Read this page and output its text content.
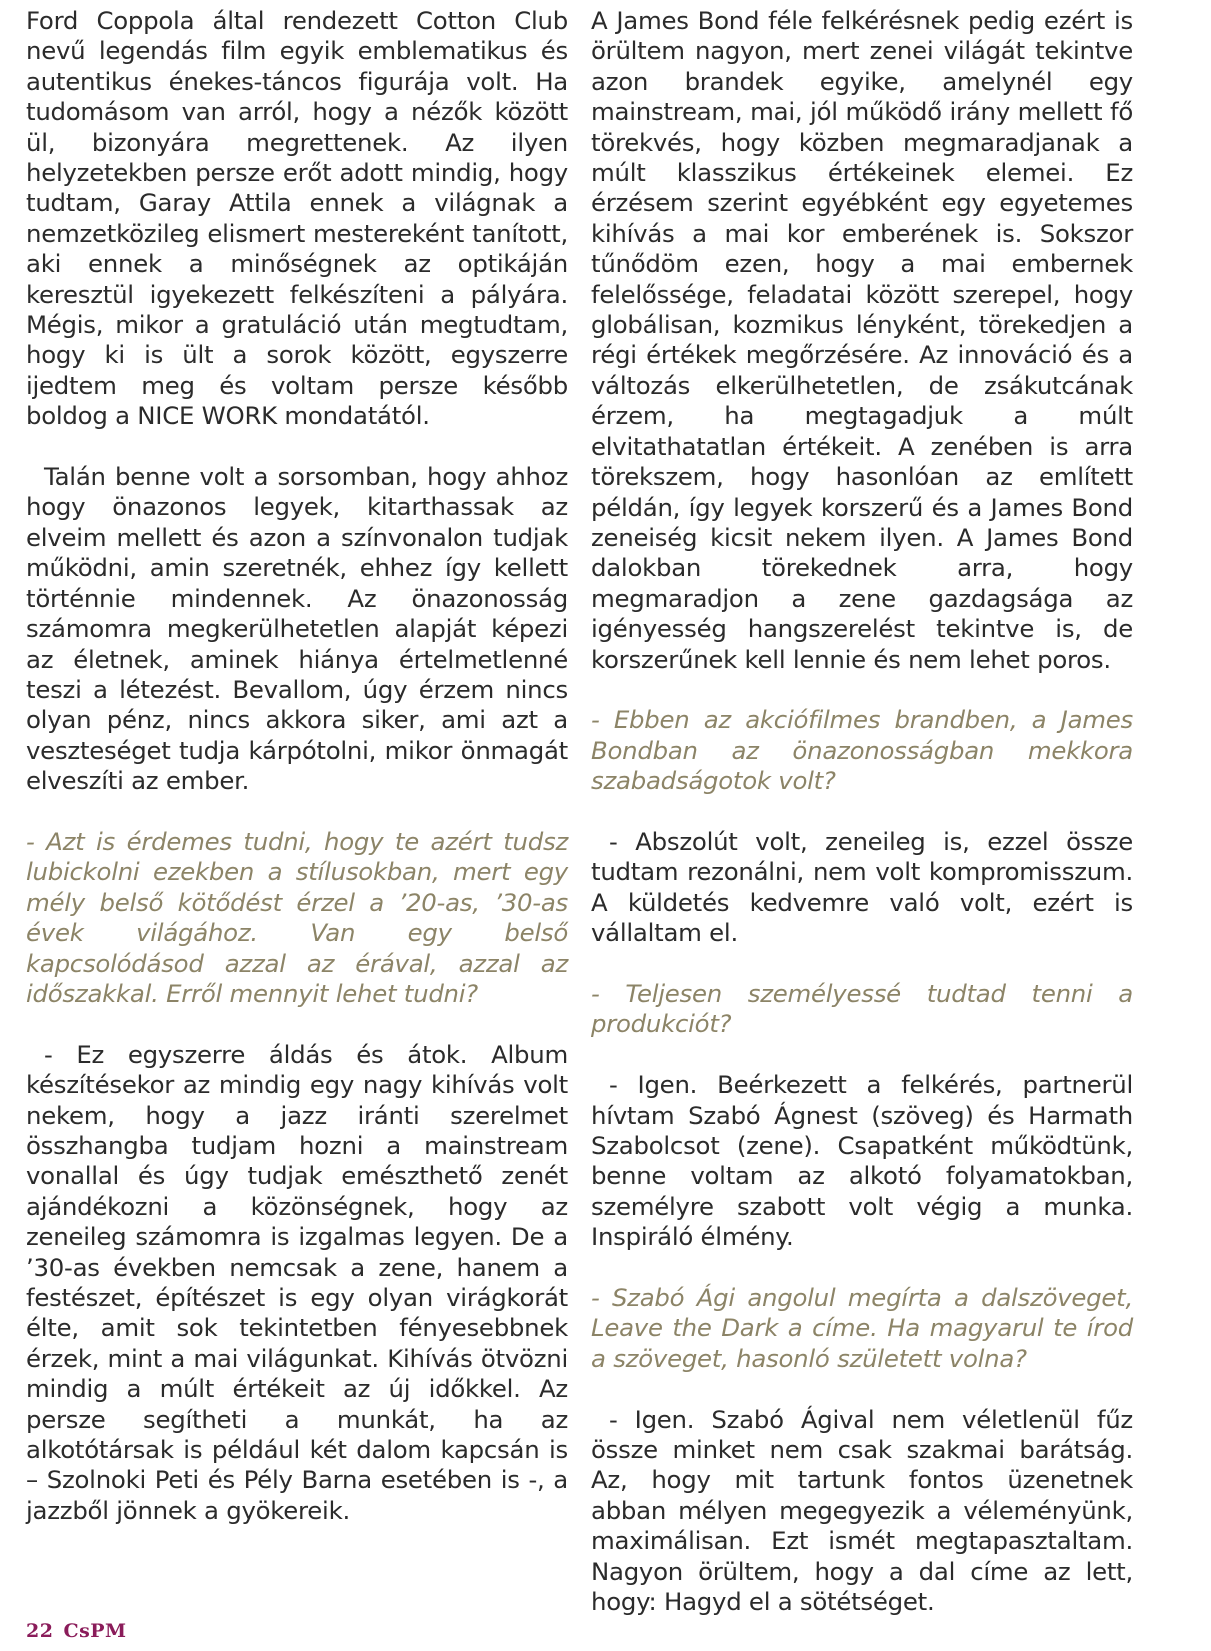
Ford Coppola által rendezett Cotton Club nevű legendás film egyik emblematikus és autentikus énekes-táncos figurája volt. Ha tudomásom van arról, hogy a nézők között ül, bizonyára megrettenek. Az ilyen helyzetekben persze erőt adott mindig, hogy tudtam, Garay Attila ennek a világnak a nemzetközileg elismert mestereként tanított, aki ennek a minőségnek az optikáján keresztül igyekezett felkészíteni a pályára. Mégis, mikor a gratuláció után megtudtam, hogy ki is ült a sorok között, egyszerre ijedtem meg és voltam persze később boldog a NICE WORK mondatától.

Talán benne volt a sorsomban, hogy ahhoz hogy önazonos legyek, kitarthassak az elveim mellett és azon a színvonalon tudjak működni, amin szeretnék, ehhez így kellett történnie mindennek. Az önazonosság számomra megkerülhetetlen alapját képezi az életnek, aminek hiánya értelmetlenné teszi a létezést. Bevallom, úgy érzem nincs olyan pénz, nincs akkora siker, ami azt a veszteséget tudja kárpótolni, mikor önmagát elveszíti az ember.

- Azt is érdemes tudni, hogy te azért tudsz lubickolni ezekben a stílusokban, mert egy mély belső kötődést érzel a ’20-as, ’30-as évek világához. Van egy belső kapcsolódásod azzal az érával, azzal az időszakkal. Erről mennyit lehet tudni?

- Ez egyszerre áldás és átok. Album készítésekor az mindig egy nagy kihívás volt nekem, hogy a jazz iránti szerelmet összhangba tudjam hozni a mainstream vonallal és úgy tudjak emészthető zenét ajándékozni a közönségnek, hogy az zeneileg számomra is izgalmas legyen. De a ’30-as években nemcsak a zene, hanem a festészet, építészet is egy olyan virágkorát élte, amit sok tekintetben fényesebbnek érzek, mint a mai világunkat. Kihívás ötvözni mindig a múlt értékeit az új időkkel. Az persze segítheti a munkát, ha az alkotótársak is például két dalom kapcsán is – Szolnoki Peti és Pély Barna esetében is -, a jazzből jönnek a gyökereik.

A James Bond féle felkérésnek pedig ezért is örültem nagyon, mert zenei világát tekintve azon brandek egyike, amelynél egy mainstream, mai, jól működő irány mellett fő törekvés, hogy közben megmaradjanak a múlt klasszikus értékeinek elemei. Ez érzésem szerint egyébként egy egyetemes kihívás a mai kor emberének is. Sokszor tűnődöm ezen, hogy a mai embernek felelőssége, feladatai között szerepel, hogy globálisan, kozmikus lényként, törekedjen a régi értékek megőrzésére. Az innováció és a változás elkerülhetetlen, de zsákutcának érzem, ha megtagadjuk a múlt elvitathatatlan értékeit. A zenében is arra törekszem, hogy hasonlóan az említett példán, így legyek korszerű és a James Bond zeneiség kicsit nekem ilyen. A James Bond dalokban törekednek arra, hogy megmaradjon a zene gazdagsága az igényesség hangszerelést tekintve is, de korszerűnek kell lennie és nem lehet poros.

- Ebben az akciófilmes brandben, a James Bondban az önazonosságban mekkora szabadságotok volt?

- Abszolút volt, zeneileg is, ezzel össze tudtam rezonálni, nem volt kompromisszum. A küldetés kedvemre való volt, ezért is vállaltam el.

- Teljesen személyessé tudtad tenni a produkciót?

- Igen. Beérkezett a felkérés, partnerül hívtam Szabó Ágnest (szöveg) és Harmath Szabolcsot (zene). Csapatként működtünk, benne voltam az alkotó folyamatokban, személyre szabott volt végig a munka. Inspiráló élmény.

- Szabó Ági angolul megírta a dalszöveget, Leave the Dark a címe. Ha magyarul te írod a szöveget, hasonló született volna?

- Igen. Szabó Ágival nem véletlenül fűz össze minket nem csak szakmai barátság. Az, hogy mit tartunk fontos üzenetnek abban mélyen megegyezik a véleményünk, maximálisan. Ezt ismét megtapasztaltam. Nagyon örültem, hogy a dal címe az lett, hogy: Hagyd el a sötétséget.

22 CsPM
